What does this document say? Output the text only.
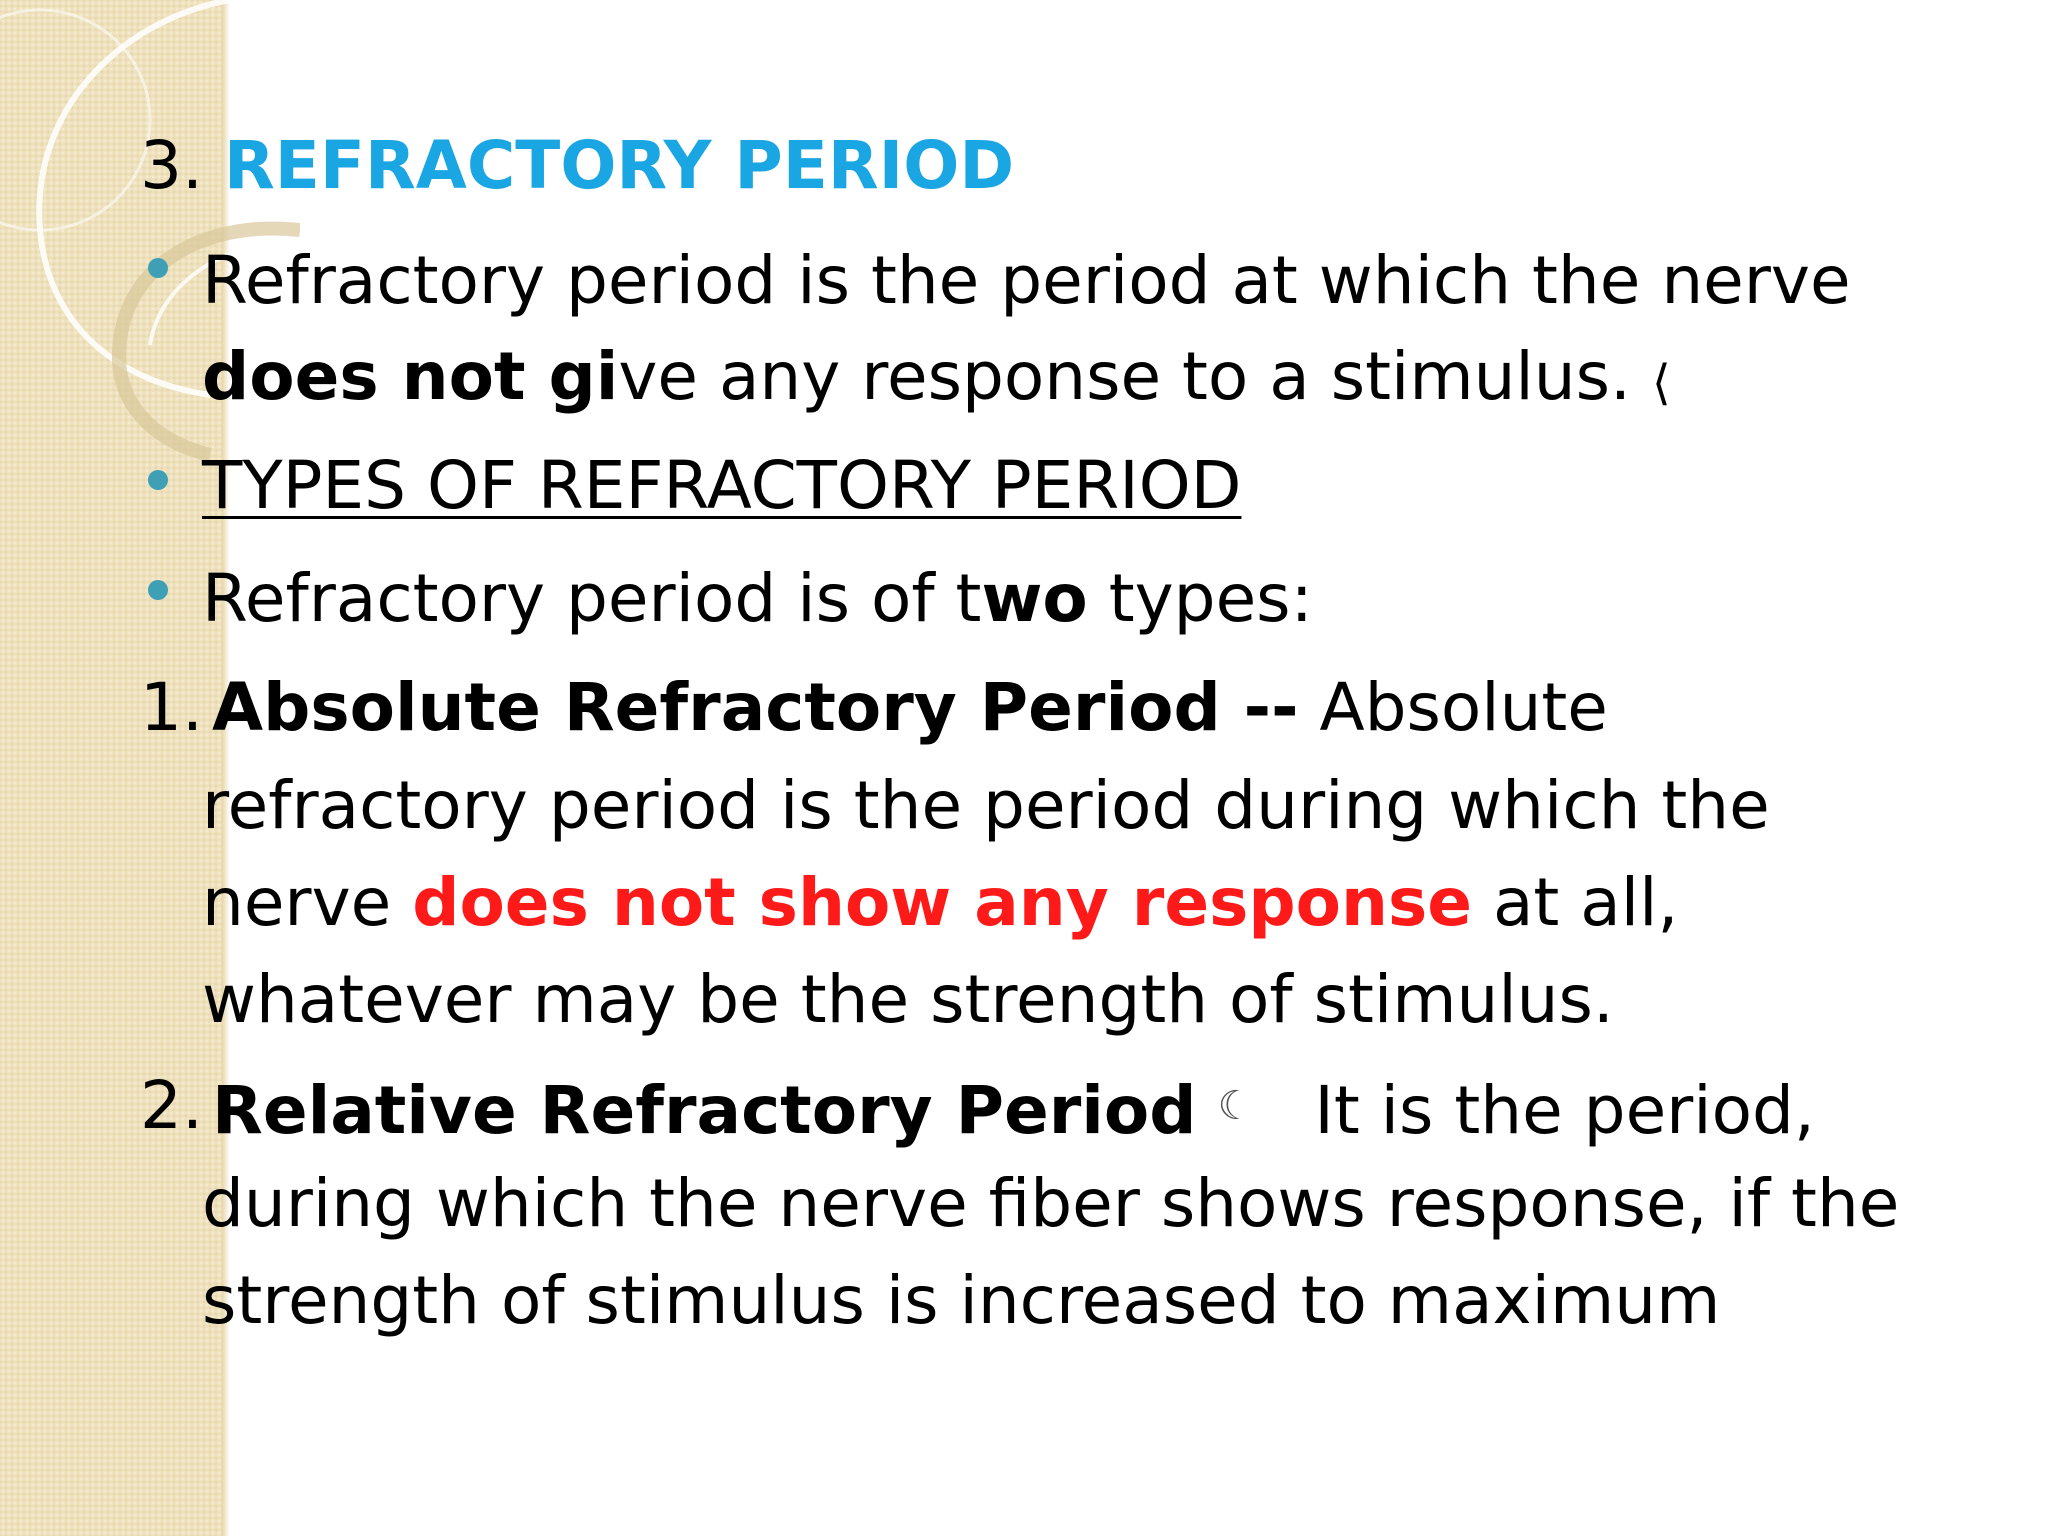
3. REFRACTORY PERIOD
Refractory period is the period at which the nerve
does not give any response to a stimulus. ⟨
TYPES OF REFRACTORY PERIOD
Refractory period is of two types:
1. Absolute Refractory Period -- Absolute
refractory period is the period during which the
nerve does not show any response at all,
whatever may be the strength of stimulus.
2. Relative Refractory Period ☾ It is the period,
during which the nerve fiber shows response, if the
strength of stimulus is increased to maximum
